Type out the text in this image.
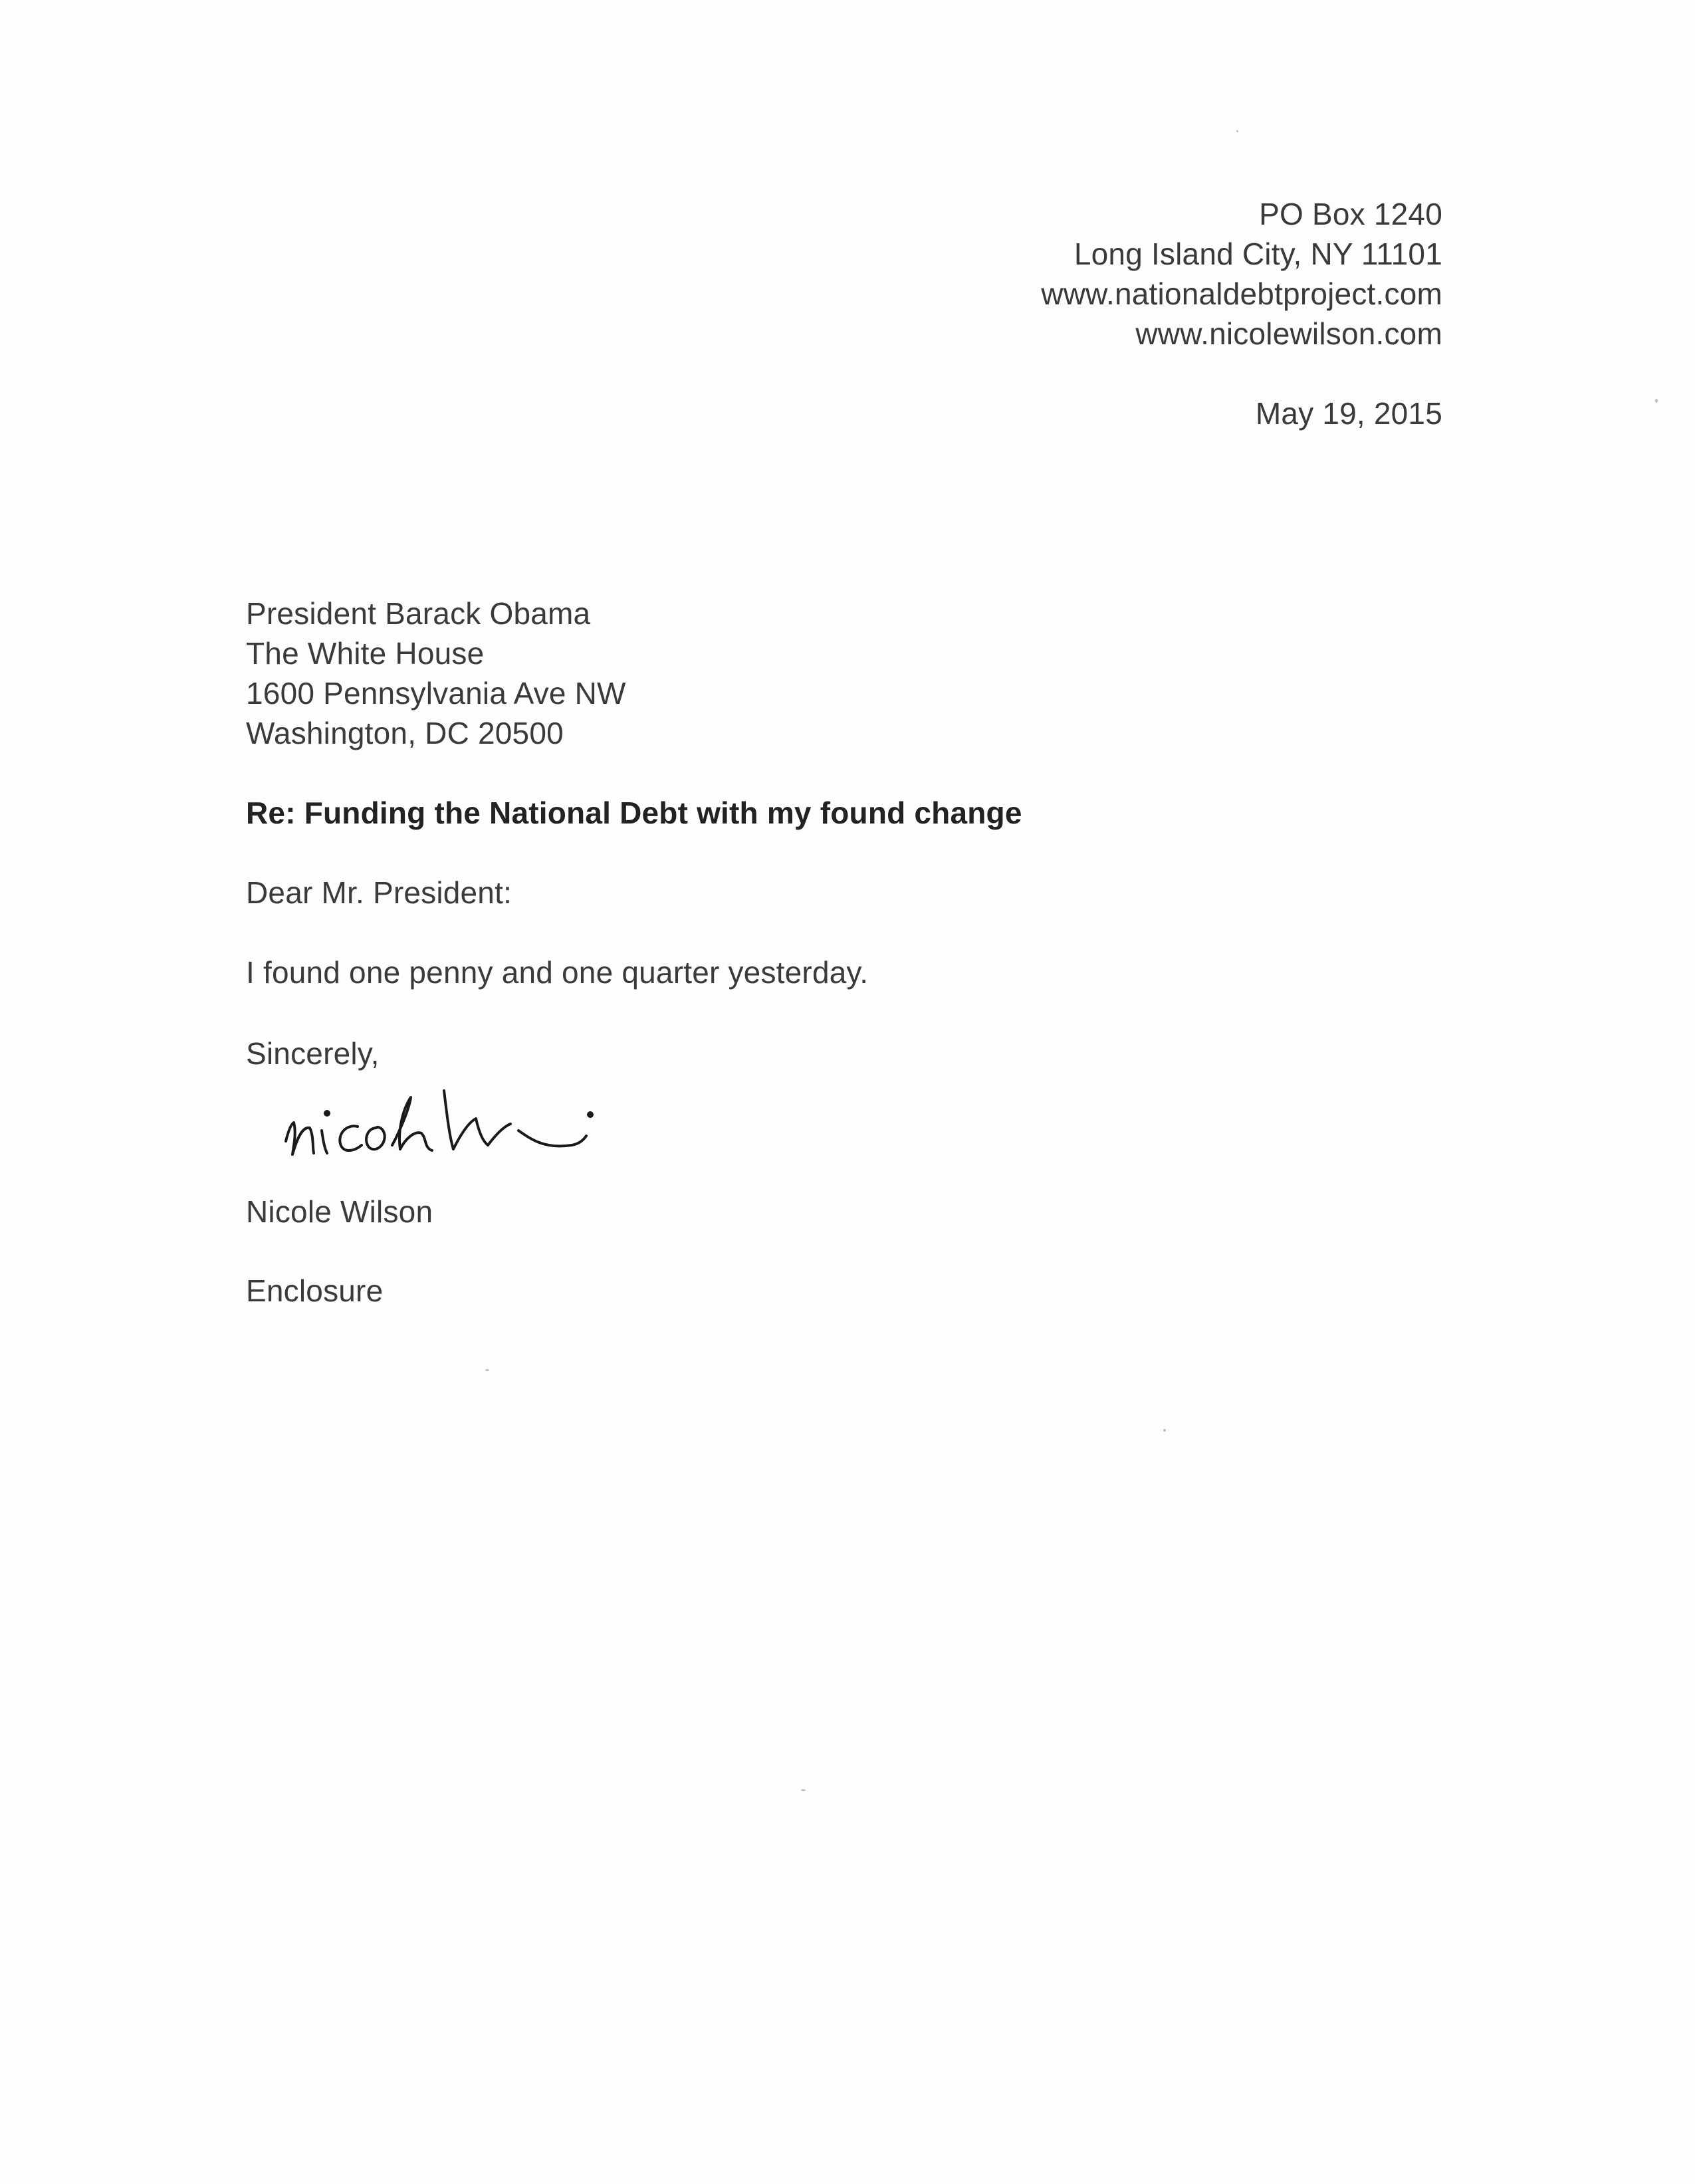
PO Box 1240
Long Island City, NY 11101
www.nationaldebtproject.com
www.nicolewilson.com
May 19, 2015
President Barack Obama
The White House
1600 Pennsylvania Ave NW
Washington, DC 20500
Re: Funding the National Debt with my found change
Dear Mr. President:
I found one penny and one quarter yesterday.
Sincerely,
Nicole Wilson
Enclosure
